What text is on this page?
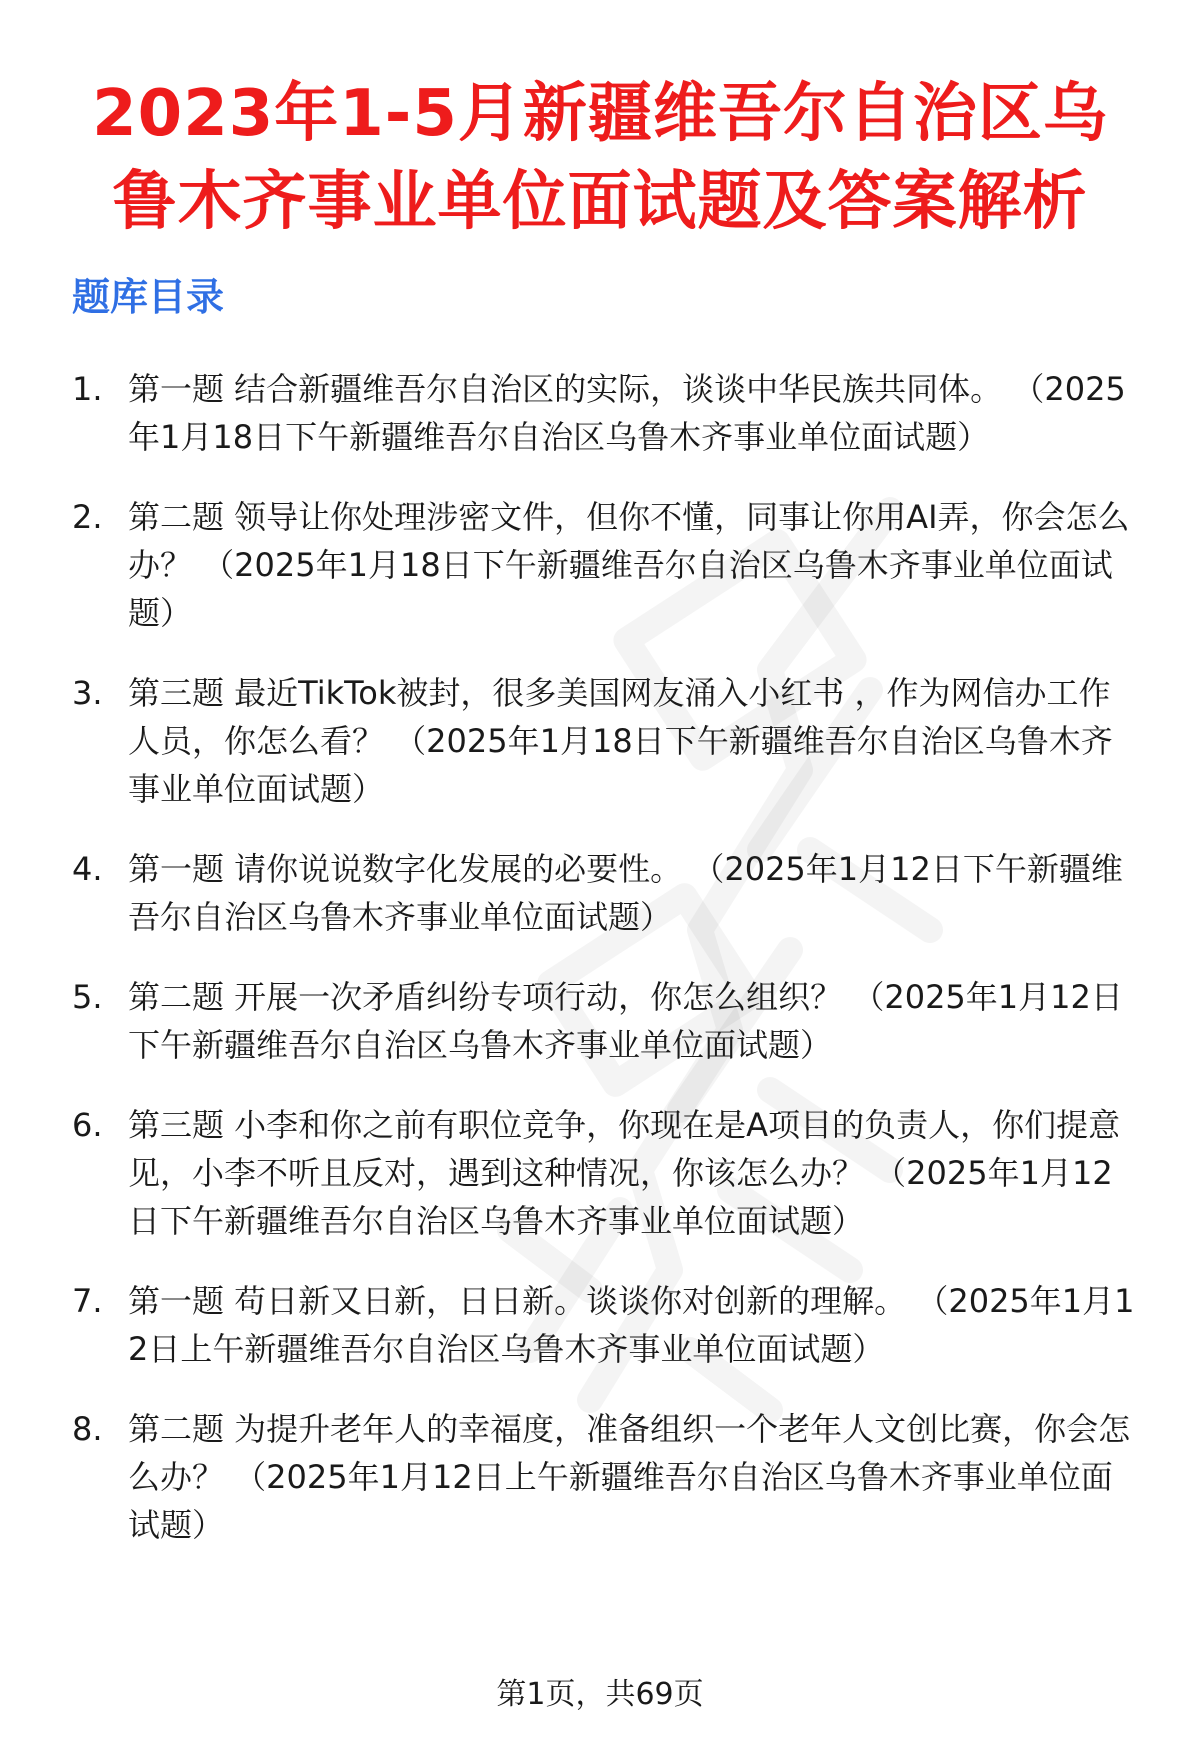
2023年1-5月新疆维吾尔自治区乌鲁木齐事业单位面试题及答案解析
题库目录
1. 第一题 结合新疆维吾尔自治区的实际，谈谈中华民族共同体。 （2025年1月18日下午新疆维吾尔自治区乌鲁木齐事业单位面试题）
2. 第二题 领导让你处理涉密文件，但你不懂，同事让你用AI弄，你会怎么办？ （2025年1月18日下午新疆维吾尔自治区乌鲁木齐事业单位面试题）
3. 第三题 最近TikTok被封，很多美国网友涌入小红书 ，作为网信办工作人员，你怎么看？ （2025年1月18日下午新疆维吾尔自治区乌鲁木齐事业单位面试题）
4. 第一题 请你说说数字化发展的必要性。 （2025年1月12日下午新疆维吾尔自治区乌鲁木齐事业单位面试题）
5. 第二题 开展一次矛盾纠纷专项行动，你怎么组织？ （2025年1月12日下午新疆维吾尔自治区乌鲁木齐事业单位面试题）
6. 第三题 小李和你之前有职位竞争，你现在是A项目的负责人，你们提意见，小李不听且反对，遇到这种情况，你该怎么办？ （2025年1月12日下午新疆维吾尔自治区乌鲁木齐事业单位面试题）
7. 第一题 苟日新又日新，日日新。谈谈你对创新的理解。 （2025年1月12日上午新疆维吾尔自治区乌鲁木齐事业单位面试题）
8. 第二题 为提升老年人的幸福度，准备组织一个老年人文创比赛，你会怎么办？ （2025年1月12日上午新疆维吾尔自治区乌鲁木齐事业单位面试题）
第1页，共69页
